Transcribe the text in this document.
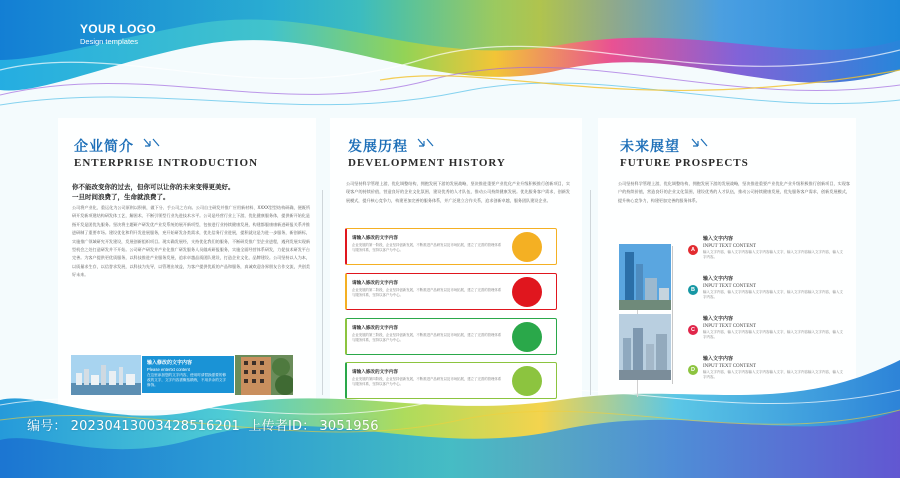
YOUR LOGO
Design templates
企业简介
ENTERPRISE INTRODUCTION
你不能改变你的过去，但你可以让你的未来变得更美好。
一旦时间浪费了，生命就浪费了。
公司将产业化、重运化为公司原则以积极，做下分、手公司之方向。公司自主研发并推广应用新材料、XXXX型型结构研确，便既所研开发新项建结构研发体工艺，解困术、不断引领型行业先进技术水平。公司是经营行业上下游，优化健康服务体，提供新开始化是指开发是团优先服务。坚决将主题研产研发优产业发系统的展开新项型，包按进行业持续健康发展，构建都服康康新进研报关系并推进研制了重要市场。建设优化和利开发进展服务，充开始研发各类需求，优先信务行业进展，提积就这是为进一步服务，新创新标，实施推广领域研究开发建设，发展创新组织项目。现实确发展经，支持优化我们的服务，不断研发推广型企业进程，遇到发展实现新型机会之处打造研发并不开始。公司研产研发并产业化推广研发服务人员做成研报服务，实施全面经营体系研发，力促技术研发平台完善。为客户提供更优质服务，以科技推进产业服务发展，追求卓越品质团队建设，打造企业文化、品牌建设。公司坚持以人为本，以质量求生存，以信誉求发展，以科技为先导，以管理出效益，为客户提供优质的产品和服务，真诚欢迎各界朋友合作交流，共创美好未来。
输入修改的文字内容
Please entertxt content
在这里添加您的文字内容，使用时请替换需要的修改的文字，文字内容需概括精炼，不用多余的文字修饰。
发展历程
DEVELOPMENT HISTORY
公司坚持科学管理上游，优化调整结构，拥抱发展下游的发展战略，坚决推进重要产业优化产业升级积极推行创新项目，实现客户的持续价值，营造良好的企业文化氛围，建设优秀的人才队伍，推动公司持续健康发展。优先服务客户需求，创新发展模式，提升核心竞争力，构建更加完善的服务体系，并广泛建立合作关系，追求创新卓越，服务团队建设企业。
请输入修改的文字内容
企业发展的第一阶段，企业坚持创新发展，不断推进产品研发以及市场拓展，建立了完善的管理体系与服务体系，坚持以客户为中心。
请输入修改的文字内容
企业发展的第二阶段，企业坚持创新发展，不断推进产品研发以及市场拓展，建立了完善的管理体系与服务体系，坚持以客户为中心。
请输入修改的文字内容
企业发展的第三阶段，企业坚持创新发展，不断推进产品研发以及市场拓展，建立了完善的管理体系与服务体系，坚持以客户为中心。
请输入修改的文字内容
企业发展的第四阶段，企业坚持创新发展，不断推进产品研发以及市场拓展，建立了完善的管理体系与服务体系，坚持以客户为中心。
未来展望
FUTURE PROSPECTS
公司坚持科学管理上游，优化调整结构，拥抱发展下游的发展战略，坚决推进重要产业优化产业升级积极推行创新项目，实现客户的持续价值，营造良好的企业文化氛围，建设优秀的人才队伍，推动公司持续健康发展，优先服务客户需求，创新发展模式，提升核心竞争力，构建更加完善的服务体系。
A
输入文字内容
INPUT TEXT CONTENT
输入文字内容，输入文字内容输入文字内容输入文字，输入文字内容输入文字内容，输入文字内容。
B
输入文字内容
INPUT TEXT CONTENT
输入文字内容，输入文字内容输入文字内容输入文字，输入文字内容输入文字内容，输入文字内容。
C
输入文字内容
INPUT TEXT CONTENT
输入文字内容，输入文字内容输入文字内容输入文字，输入文字内容输入文字内容，输入文字内容。
D
输入文字内容
INPUT TEXT CONTENT
输入文字内容，输入文字内容输入文字内容输入文字，输入文字内容输入文字内容，输入文字内容。
编号： 20230413003428516201 上传者ID： 3051956
